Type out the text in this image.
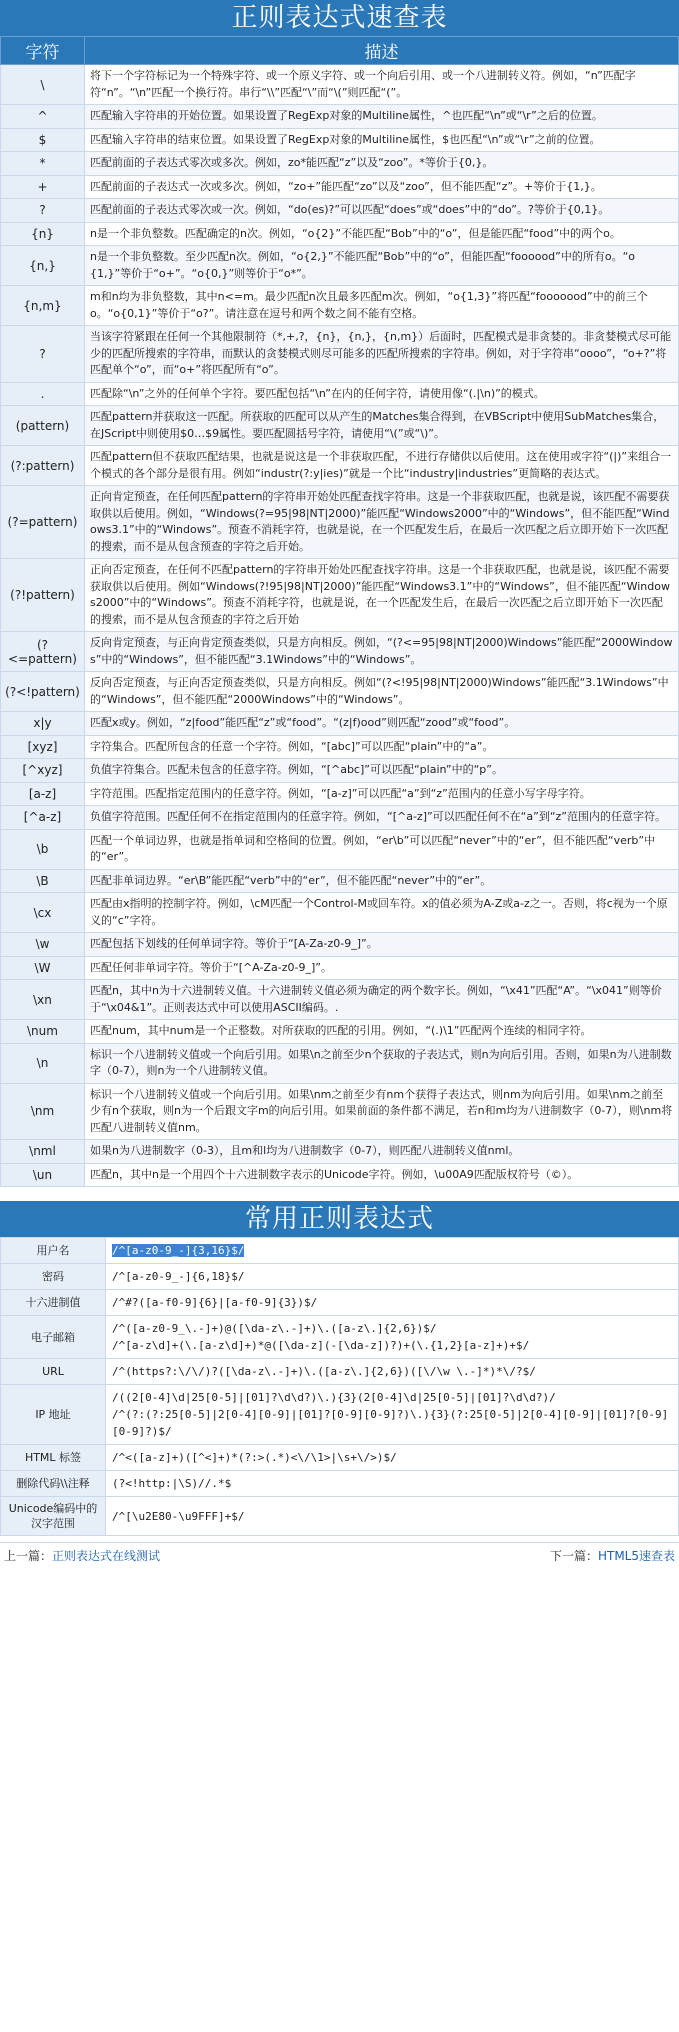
正则表达式速查表
字符	描述
\	将下一个字符标记为一个特殊字符、或一个原义字符、或一个向后引用、或一个八进制转义符。例如，“n”匹配字符“n”。“\n”匹配一个换行符。串行“\\”匹配“\”而“\(”则匹配“(”。
^	匹配输入字符串的开始位置。如果设置了RegExp对象的Multiline属性，^也匹配“\n”或“\r”之后的位置。
$	匹配输入字符串的结束位置。如果设置了RegExp对象的Multiline属性，$也匹配“\n”或“\r”之前的位置。
*	匹配前面的子表达式零次或多次。例如，zo*能匹配“z”以及“zoo”。*等价于{0,}。
+	匹配前面的子表达式一次或多次。例如，“zo+”能匹配“zo”以及“zoo”，但不能匹配“z”。+等价于{1,}。
?	匹配前面的子表达式零次或一次。例如，“do(es)?”可以匹配“does”或“does”中的“do”。?等价于{0,1}。
{n}	n是一个非负整数。匹配确定的n次。例如，“o{2}”不能匹配“Bob”中的“o”，但是能匹配“food”中的两个o。
{n,}	n是一个非负整数。至少匹配n次。例如，“o{2,}”不能匹配“Bob”中的“o”，但能匹配“foooood”中的所有o。“o{1,}”等价于“o+”。“o{0,}”则等价于“o*”。
{n,m}	m和n均为非负整数，其中n<=m。最少匹配n次且最多匹配m次。例如，“o{1,3}”将匹配“fooooood”中的前三个o。“o{0,1}”等价于“o?”。请注意在逗号和两个数之间不能有空格。
?	当该字符紧跟在任何一个其他限制符（*,+,?，{n}，{n,}，{n,m}）后面时，匹配模式是非贪婪的。非贪婪模式尽可能少的匹配所搜索的字符串，而默认的贪婪模式则尽可能多的匹配所搜索的字符串。例如，对于字符串“oooo”，“o+?”将匹配单个“o”，而“o+”将匹配所有“o”。
.	匹配除“\n”之外的任何单个字符。要匹配包括“\n”在内的任何字符，请使用像“(.|\n)”的模式。
(pattern)	匹配pattern并获取这一匹配。所获取的匹配可以从产生的Matches集合得到，在VBScript中使用SubMatches集合，在JScript中则使用$0…$9属性。要匹配圆括号字符，请使用“\(”或“\)”。
(?:pattern)	匹配pattern但不获取匹配结果，也就是说这是一个非获取匹配，不进行存储供以后使用。这在使用或字符“(|)”来组合一个模式的各个部分是很有用。例如“industr(?:y|ies)”就是一个比“industry|industries”更简略的表达式。
(?=pattern)	正向肯定预查，在任何匹配pattern的字符串开始处匹配查找字符串。这是一个非获取匹配，也就是说，该匹配不需要获取供以后使用。例如，“Windows(?=95|98|NT|2000)”能匹配“Windows2000”中的“Windows”，但不能匹配“Windows3.1”中的“Windows”。预查不消耗字符，也就是说，在一个匹配发生后，在最后一次匹配之后立即开始下一次匹配的搜索，而不是从包含预查的字符之后开始。
(?!pattern)	正向否定预查，在任何不匹配pattern的字符串开始处匹配查找字符串。这是一个非获取匹配，也就是说，该匹配不需要获取供以后使用。例如“Windows(?!95|98|NT|2000)”能匹配“Windows3.1”中的“Windows”，但不能匹配“Windows2000”中的“Windows”。预查不消耗字符，也就是说，在一个匹配发生后，在最后一次匹配之后立即开始下一次匹配的搜索，而不是从包含预查的字符之后开始
(?<=pattern)	反向肯定预查，与正向肯定预查类似，只是方向相反。例如，“(?<=95|98|NT|2000)Windows”能匹配“2000Windows”中的“Windows”，但不能匹配“3.1Windows”中的“Windows”。
(?<!pattern)	反向否定预查，与正向否定预查类似，只是方向相反。例如“(?<!95|98|NT|2000)Windows”能匹配“3.1Windows”中的“Windows”，但不能匹配“2000Windows”中的“Windows”。
x|y	匹配x或y。例如，“z|food”能匹配“z”或“food”。“(z|f)ood”则匹配“zood”或“food”。
[xyz]	字符集合。匹配所包含的任意一个字符。例如，“[abc]”可以匹配“plain”中的“a”。
[^xyz]	负值字符集合。匹配未包含的任意字符。例如，“[^abc]”可以匹配“plain”中的“p”。
[a-z]	字符范围。匹配指定范围内的任意字符。例如，“[a-z]”可以匹配“a”到“z”范围内的任意小写字母字符。
[^a-z]	负值字符范围。匹配任何不在指定范围内的任意字符。例如，“[^a-z]”可以匹配任何不在“a”到“z”范围内的任意字符。
\b	匹配一个单词边界，也就是指单词和空格间的位置。例如，“er\b”可以匹配“never”中的“er”，但不能匹配“verb”中的“er”。
\B	匹配非单词边界。“er\B”能匹配“verb”中的“er”，但不能匹配“never”中的“er”。
\cx	匹配由x指明的控制字符。例如，\cM匹配一个Control-M或回车符。x的值必须为A-Z或a-z之一。否则，将c视为一个原义的“c”字符。
\w	匹配包括下划线的任何单词字符。等价于“[A-Za-z0-9_]”。
\W	匹配任何非单词字符。等价于“[^A-Za-z0-9_]”。
\xn	匹配n，其中n为十六进制转义值。十六进制转义值必须为确定的两个数字长。例如，“\x41”匹配“A”。“\x041”则等价于“\x04&1”。正则表达式中可以使用ASCII编码。.
\num	匹配num，其中num是一个正整数。对所获取的匹配的引用。例如，“(.)\1”匹配两个连续的相同字符。
\n	标识一个八进制转义值或一个向后引用。如果\n之前至少n个获取的子表达式，则n为向后引用。否则，如果n为八进制数字（0-7），则n为一个八进制转义值。
\nm	标识一个八进制转义值或一个向后引用。如果\nm之前至少有nm个获得子表达式，则nm为向后引用。如果\nm之前至少有n个获取，则n为一个后跟文字m的向后引用。如果前面的条件都不满足，若n和m均为八进制数字（0-7），则\nm将匹配八进制转义值nm。
\nml	如果n为八进制数字（0-3），且m和l均为八进制数字（0-7），则匹配八进制转义值nml。
\un	匹配n，其中n是一个用四个十六进制数字表示的Unicode字符。例如，\u00A9匹配版权符号（©）。
常用正则表达式
用户名	/^[a-z0-9_-]{3,16}$/

密码	/^[a-z0-9_-]{6,18}$/

十六进制值	/^#?([a-f0-9]{6}|[a-f0-9]{3})$/

电子邮箱	/^([a-z0-9_\.-]+)@([\da-z\.-]+)\.([a-z\.]{2,6})$/
/^[a-z\d]+(\.[a-z\d]+)*@([\da-z](-[\da-z])?)+(\.{1,2}[a-z]+)+$/

URL	/^(https?:\/\/)?([\da-z\.-]+)\.([a-z\.]{2,6})([\/\w \.-]*)*\/?$/

IP 地址	/((2[0-4]\d|25[0-5]|[01]?\d\d?)\.){3}(2[0-4]\d|25[0-5]|[01]?\d\d?)/
/^(?:(?:25[0-5]|2[0-4][0-9]|[01]?[0-9][0-9]?)\.){3}(?:25[0-5]|2[0-4][0-9]|[01]?[0-9][0-9]?)$/

HTML 标签	/^<([a-z]+)([^<]+)*(?:>(.*)<\/\1>|\s+\/>)$/

删除代码\\注释	(?<!http:|\S)//.*$

Unicode编码中的汉字范围	/^[\u2E80-\u9FFF]+$/
上一篇：正则表达式在线测试	下一篇：HTML5速查表
